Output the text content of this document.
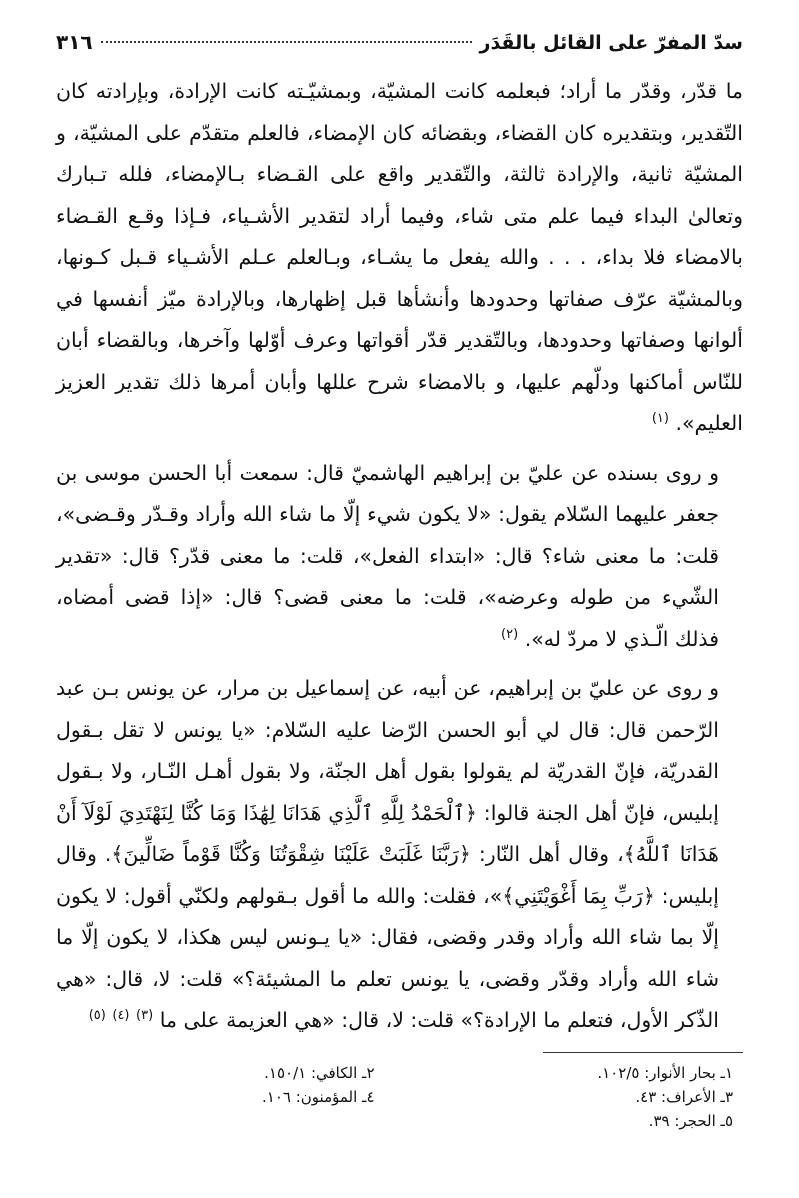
سدّ المفرّ على القائل بالقَدَر
٣١٦

ما قدّر، وقدّر ما أراد؛ فبعلمه كانت المشيّة، وبمشيّـته كانت الإرادة، وبإرادته كان التّقدير، وبتقديره كان القضاء، وبقضائه كان الإمضاء، فالعلم متقدّم على المشيّة، و المشيّة ثانية، والإرادة ثالثة، والتّقدير واقع على القـضاء بـالإمضاء، فلله تـبارك وتعالىٰ البداء فيما علم متى شاء، وفيما أراد لتقدير الأشـياء، فـإذا وقـع القـضاء بالامضاء فلا بداء، . . . والله يفعل ما يشـاء، وبـالعلم عـلم الأشـياء قـبل كـونها، وبالمشيّة عرّف صفاتها وحدودها وأنشأها قبل إظهارها، وبالإرادة ميّز أنفسها في ألوانها وصفاتها وحدودها، وبالتّقدير قدّر أقواتها وعرف أوّلها وآخرها، وبالقضاء أبان للنّاس أماكنها ودلّهم عليها، و بالامضاء شرح عللها وأبان أمرها ذلك تقدير العزيز العليم». $^{(١)}$

و روى بسنده عن عليّ بن إبراهيم الهاشميّ قال: سمعت أبا الحسن موسى بن جعفر عليهما السّلام يقول: «لا يكون شيء إلّا ما شاء الله وأراد وقـدّر وقـضى»، قلت: ما معنى شاء؟ قال: «ابتداء الفعل»، قلت: ما معنى قدّر؟ قال: «تقدير الشّيء من طوله وعرضه»، قلت: ما معنى قضى؟ قال: «إذا قضى أمضاه، فذلك الّـذي لا مردّ له». $^{(٢)}$

و روى عن عليّ بن إبراهيم، عن أبيه، عن إسماعيل بن مرار، عن يونس بـن عبد الرّحمن قال: قال لي أبو الحسن الرّضا عليه السّلام: «يا يونس لا تقل بـقول القدريّة، فإنّ القدريّة لم يقولوا بقول أهل الجنّة، ولا بقول أهـل النّـار، ولا بـقول إبليس، فإنّ أهل الجنة قالوا: ﴿ٱلْحَمْدُ لِلَّهِ ٱلَّذِي هَدَانَا لِهَٰذَا وَمَا كُنَّا لِنَهْتَدِيَ لَوْلَآ أَنْ هَدَانَا ٱللَّهُ﴾، وقال أهل النّار: ﴿رَبَّنَا غَلَبَتْ عَلَيْنَا شِقْوَتُنَا وَكُنَّا قَوْماً ضَالِّينَ﴾. وقال إبليس: ﴿رَبِّ بِمَا أَغْوَيْتَنِي﴾»، فقلت: والله ما أقول بـقولهم ولكنّي أقول: لا يكون إلّا بما شاء الله وأراد وقدر وقضى، فقال: «يا يـونس ليس هكذا، لا يكون إلّا ما شاء الله وأراد وقدّر وقضى، يا يونس تعلم ما المشيئة؟» قلت: لا، قال: «هي الذّكر الأول، فتعلم ما الإرادة؟» قلت: لا، قال: «هي العزيمة على ما $^{(٣)}$ $^{(٤)}$ $^{(٥)}$

١ـ بحار الأنوار: ١٠٢/٥.
٢ـ الكافي: ١٥٠/١.
٣ـ الأعراف: ٤٣.
٤ـ المؤمنون: ١٠٦.
٥ـ الحجر: ٣٩.
